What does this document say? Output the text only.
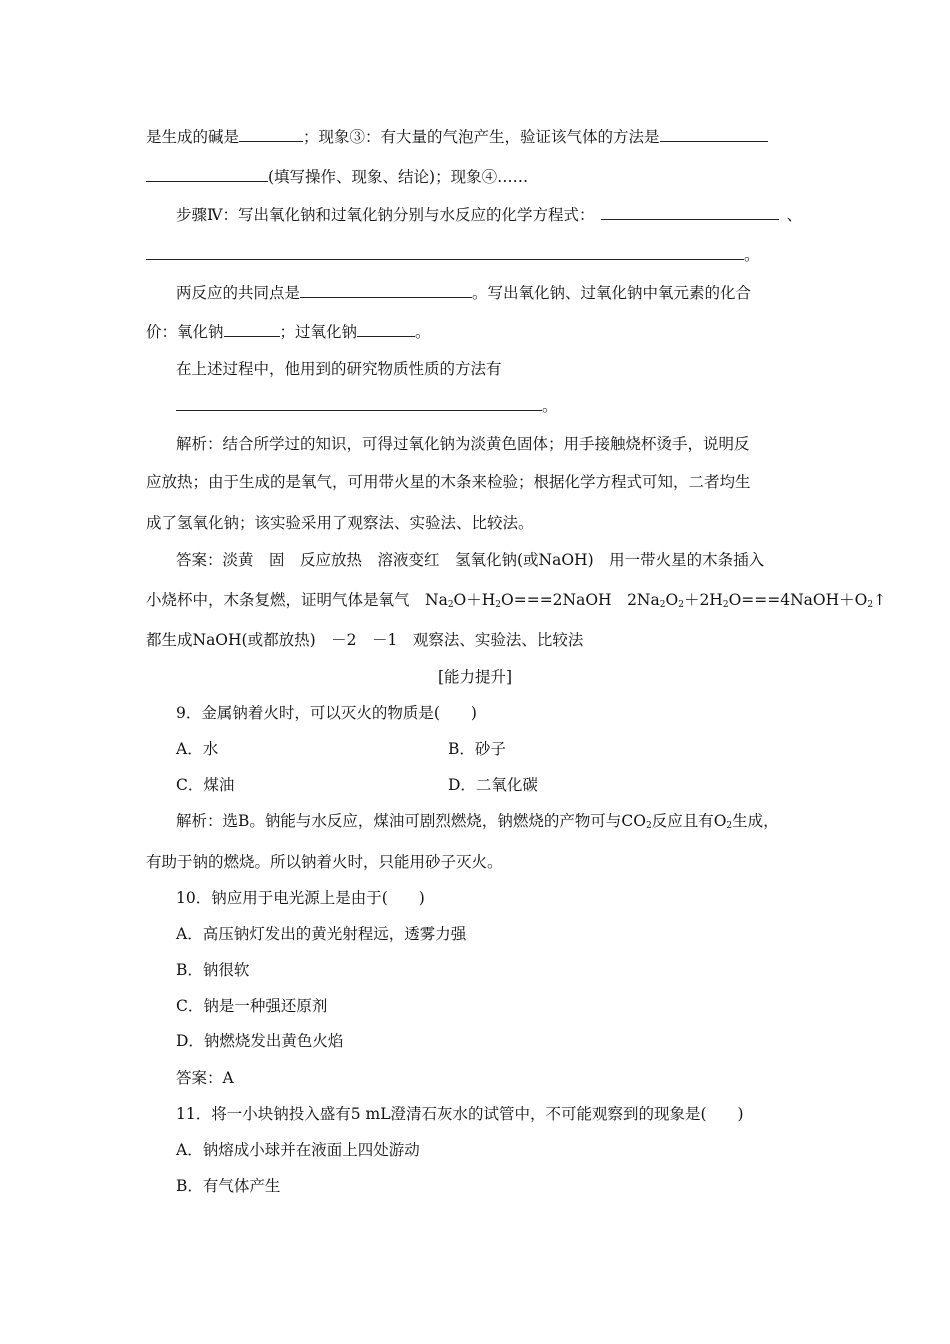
是生成的碱是	；现象③：有大量的气泡产生，验证该气体的方法是
(填写操作、现象、结论)；现象④……
步骤Ⅳ：写出氧化钠和过氧化钠分别与水反应的化学方程式：	、
。
两反应的共同点是	。写出氧化钠、过氧化钠中氧元素的化合
价：氧化钠	；过氧化钠	。
在上述过程中，他用到的研究物质性质的方法有
。
解析：结合所学过的知识，可得过氧化钠为淡黄色固体；用手接触烧杯烫手，说明反
应放热；由于生成的是氧气，可用带火星的木条来检验；根据化学方程式可知，二者均生
成了氢氧化钠；该实验采用了观察法、实验法、比较法。
答案：淡黄　固　反应放热　溶液变红　氢氧化钠(或NaOH)　用一带火星的木条插入
小烧杯中，木条复燃，证明气体是氧气　$Na_2O+H_2O===2NaOH$　$2Na_2O_2+2H_2O===4NaOH+O_2↑$
都生成NaOH(或都放热)　－2　－1　观察法、实验法、比较法
[能力提升]
9．金属钠着火时，可以灭火的物质是(　　)
A．水	B．砂子
C．煤油	D．二氧化碳
解析：选B。钠能与水反应，煤油可剧烈燃烧，钠燃烧的产物可与$CO_2$反应且有$O_2$生成，
有助于钠的燃烧。所以钠着火时，只能用砂子灭火。
10．钠应用于电光源上是由于(　　)
A．高压钠灯发出的黄光射程远，透雾力强
B．钠很软
C．钠是一种强还原剂
D．钠燃烧发出黄色火焰
答案：A
11．将一小块钠投入盛有5 mL澄清石灰水的试管中，不可能观察到的现象是(　　)
A．钠熔成小球并在液面上四处游动
B．有气体产生
